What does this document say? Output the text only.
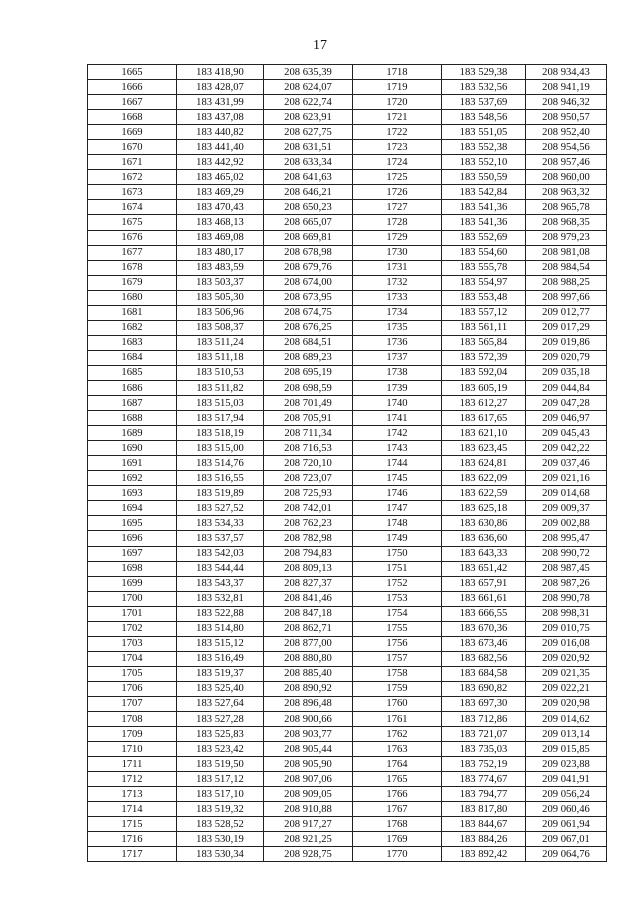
17
1665	183 418,90	208 635,39	1718	183 529,38	208 934,43
1666	183 428,07	208 624,07	1719	183 532,56	208 941,19
1667	183 431,99	208 622,74	1720	183 537,69	208 946,32
1668	183 437,08	208 623,91	1721	183 548,56	208 950,57
1669	183 440,82	208 627,75	1722	183 551,05	208 952,40
1670	183 441,40	208 631,51	1723	183 552,38	208 954,56
1671	183 442,92	208 633,34	1724	183 552,10	208 957,46
1672	183 465,02	208 641,63	1725	183 550,59	208 960,00
1673	183 469,29	208 646,21	1726	183 542,84	208 963,32
1674	183 470,43	208 650,23	1727	183 541,36	208 965,78
1675	183 468,13	208 665,07	1728	183 541,36	208 968,35
1676	183 469,08	208 669,81	1729	183 552,69	208 979,23
1677	183 480,17	208 678,98	1730	183 554,60	208 981,08
1678	183 483,59	208 679,76	1731	183 555,78	208 984,54
1679	183 503,37	208 674,00	1732	183 554,97	208 988,25
1680	183 505,30	208 673,95	1733	183 553,48	208 997,66
1681	183 506,96	208 674,75	1734	183 557,12	209 012,77
1682	183 508,37	208 676,25	1735	183 561,11	209 017,29
1683	183 511,24	208 684,51	1736	183 565,84	209 019,86
1684	183 511,18	208 689,23	1737	183 572,39	209 020,79
1685	183 510,53	208 695,19	1738	183 592,04	209 035,18
1686	183 511,82	208 698,59	1739	183 605,19	209 044,84
1687	183 515,03	208 701,49	1740	183 612,27	209 047,28
1688	183 517,94	208 705,91	1741	183 617,65	209 046,97
1689	183 518,19	208 711,34	1742	183 621,10	209 045,43
1690	183 515,00	208 716,53	1743	183 623,45	209 042,22
1691	183 514,76	208 720,10	1744	183 624,81	209 037,46
1692	183 516,55	208 723,07	1745	183 622,09	209 021,16
1693	183 519,89	208 725,93	1746	183 622,59	209 014,68
1694	183 527,52	208 742,01	1747	183 625,18	209 009,37
1695	183 534,33	208 762,23	1748	183 630,86	209 002,88
1696	183 537,57	208 782,98	1749	183 636,60	208 995,47
1697	183 542,03	208 794,83	1750	183 643,33	208 990,72
1698	183 544,44	208 809,13	1751	183 651,42	208 987,45
1699	183 543,37	208 827,37	1752	183 657,91	208 987,26
1700	183 532,81	208 841,46	1753	183 661,61	208 990,78
1701	183 522,88	208 847,18	1754	183 666,55	208 998,31
1702	183 514,80	208 862,71	1755	183 670,36	209 010,75
1703	183 515,12	208 877,00	1756	183 673,46	209 016,08
1704	183 516,49	208 880,80	1757	183 682,56	209 020,92
1705	183 519,37	208 885,40	1758	183 684,58	209 021,35
1706	183 525,40	208 890,92	1759	183 690,82	209 022,21
1707	183 527,64	208 896,48	1760	183 697,30	209 020,98
1708	183 527,28	208 900,66	1761	183 712,86	209 014,62
1709	183 525,83	208 903,77	1762	183 721,07	209 013,14
1710	183 523,42	208 905,44	1763	183 735,03	209 015,85
1711	183 519,50	208 905,90	1764	183 752,19	209 023,88
1712	183 517,12	208 907,06	1765	183 774,67	209 041,91
1713	183 517,10	208 909,05	1766	183 794,77	209 056,24
1714	183 519,32	208 910,88	1767	183 817,80	209 060,46
1715	183 528,52	208 917,27	1768	183 844,67	209 061,94
1716	183 530,19	208 921,25	1769	183 884,26	209 067,01
1717	183 530,34	208 928,75	1770	183 892,42	209 064,76
